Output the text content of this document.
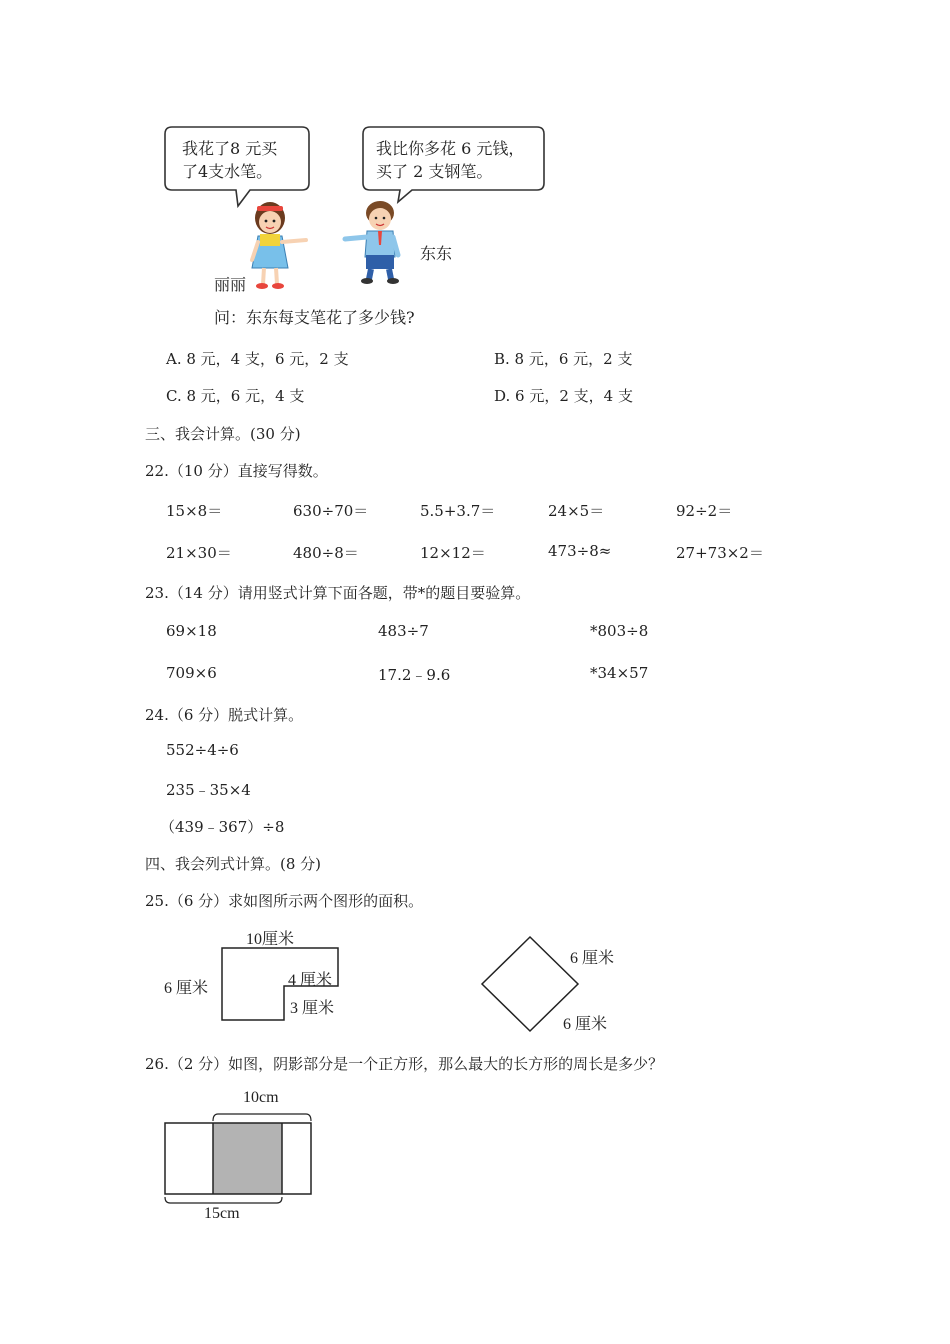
我花了8 元买
了4支水笔。
我比你多花 6 元钱，
买了 2 支钢笔。
丽丽
东东
问：东东每支笔花了多少钱?
A. 8 元，4 支，6 元，2 支	B. 8 元，6 元，2 支
C. 8 元，6 元，4 支	D. 6 元，2 支，4 支
三、我会计算。(30 分)
22.（10 分）直接写得数。
15×8＝	630÷70＝	5.5+3.7＝	24×5＝	92÷2＝
21×30＝	480÷8＝	12×12＝	473÷8≈	27+73×2＝
23.（14 分）请用竖式计算下面各题，带*的题目要验算。
69×18	483÷7	*803÷8
709×6	17.2﹣9.6	*34×57
24.（6 分）脱式计算。
552÷4÷6
235﹣35×4
（439﹣367）÷8
四、我会列式计算。(8 分)
25.（6 分）求如图所示两个图形的面积。
10厘米
6 厘米	4 厘米
3 厘米
6 厘米
6 厘米
26.（2 分）如图，阴影部分是一个正方形，那么最大的长方形的周长是多少？
10cm
15cm
